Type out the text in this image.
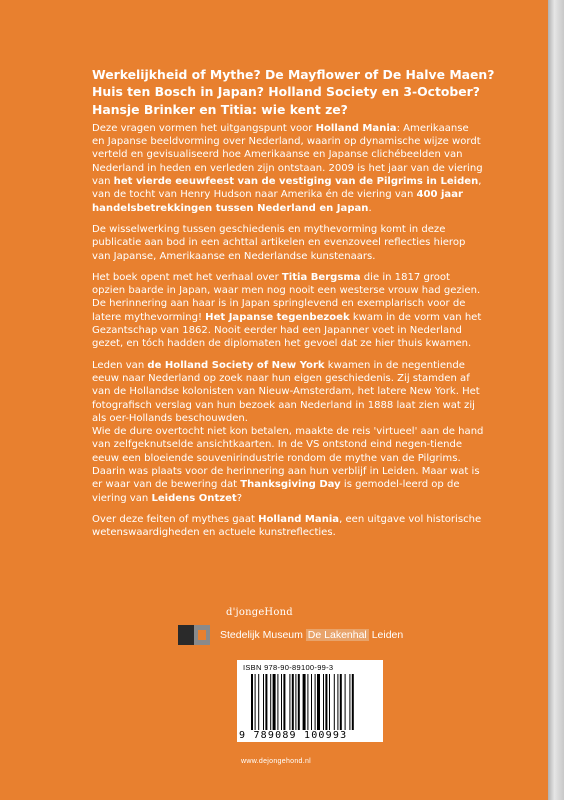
Werkelijkheid of Mythe? De Mayflower of De Halve Maen?
Huis ten Bosch in Japan? Holland Society en 3-October?
Hansje Brinker en Titia: wie kent ze?

Deze vragen vormen het uitgangspunt voor Holland Mania: Amerikaanse en Japanse beeldvorming over Nederland, waarin op dynamische wijze wordt verteld en gevisualiseerd hoe Amerikaanse en Japanse clichébeelden van Nederland in heden en verleden zijn ontstaan. 2009 is het jaar van de viering van het vierde eeuwfeest van de vestiging van de Pilgrims in Leiden, van de tocht van Henry Hudson naar Amerika én de viering van 400 jaar handelsbetrekkingen tussen Nederland en Japan.

De wisselwerking tussen geschiedenis en mythevorming komt in deze publicatie aan bod in een achttal artikelen en evenzoveel reflecties hierop van Japanse, Amerikaanse en Nederlandse kunstenaars.

Het boek opent met het verhaal over Titia Bergsma die in 1817 groot opzien baarde in Japan, waar men nog nooit een westerse vrouw had gezien. De herinnering aan haar is in Japan springlevend en exemplarisch voor de latere mythevorming! Het Japanse tegenbezoek kwam in de vorm van het Gezantschap van 1862. Nooit eerder had een Japanner voet in Nederland gezet, en tóch hadden de diplomaten het gevoel dat ze hier thuis kwamen.

Leden van de Holland Society of New York kwamen in de negentiende eeuw naar Nederland op zoek naar hun eigen geschiedenis. Zij stamden af van de Hollandse kolonisten van Nieuw-Amsterdam, het latere New York. Het fotografisch verslag van hun bezoek aan Nederland in 1888 laat zien wat zij als oer-Hollands beschouwden.

Wie de dure overtocht niet kon betalen, maakte de reis 'virtueel' aan de hand van zelfgeknutselde ansichtkaarten. In de VS ontstond eind negen-tiende eeuw een bloeiende souvenirindustrie rondom de mythe van de Pilgrims. Daarin was plaats voor de herinnering aan hun verblijf in Leiden. Maar wat is er waar van de bewering dat Thanksgiving Day is gemodel-leerd op de viering van Leidens Ontzet?

Over deze feiten of mythes gaat Holland Mania, een uitgave vol historische wetenswaardigheden en actuele kunstreflecties.

d'jongeHond
Stedelijk Museum De Lakenhal Leiden
ISBN 978-90-89100-99-3
9 789089 100993
www.dejongehond.nl
